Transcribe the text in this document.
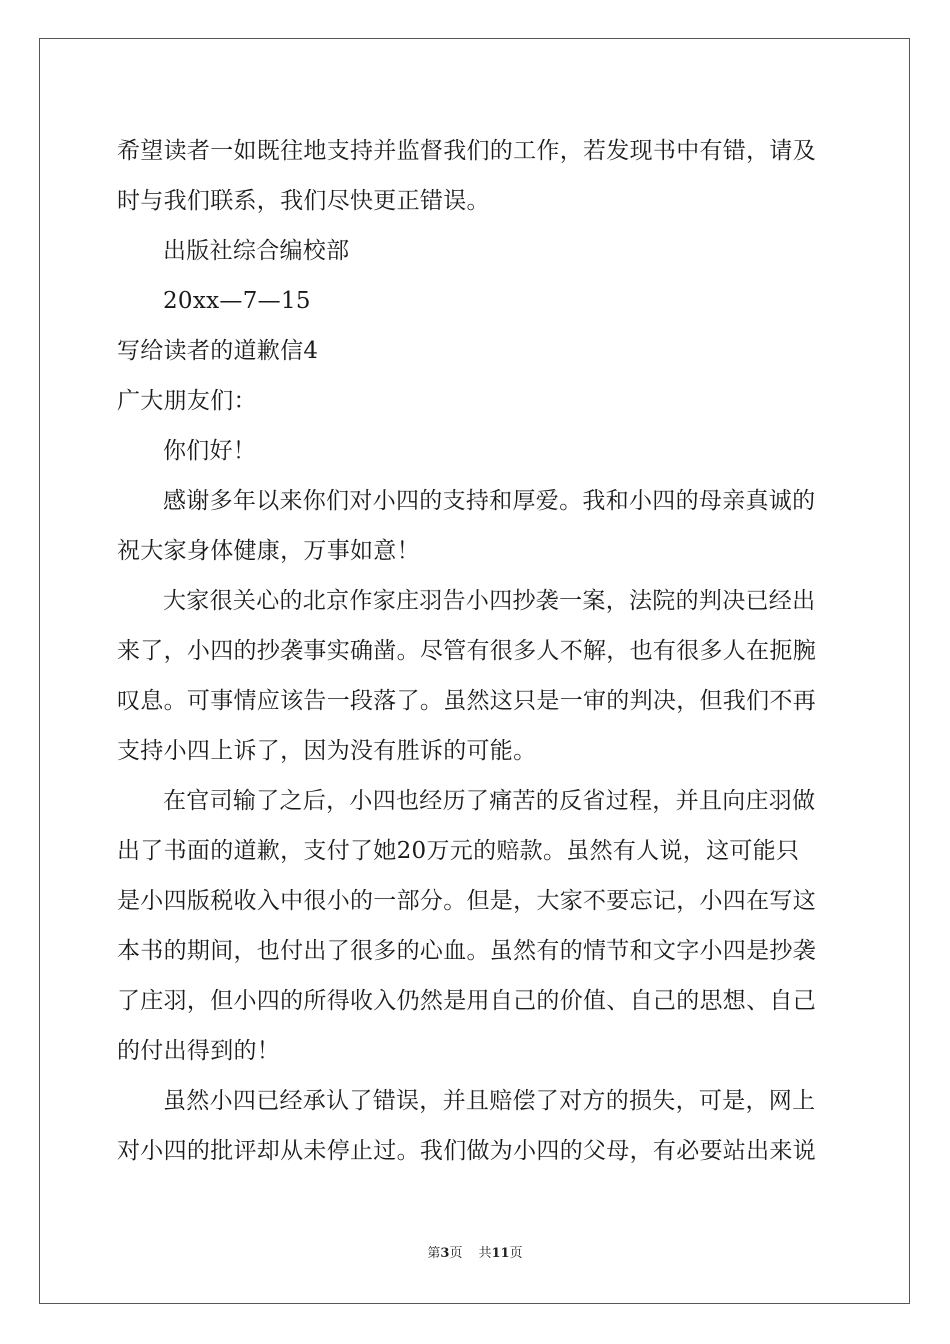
希望读者一如既往地支持并监督我们的工作，若发现书中有错，请及
时与我们联系，我们尽快更正错误。
出版社综合编校部
20xx—7—15
写给读者的道歉信4
广大朋友们：
你们好！
感谢多年以来你们对小四的支持和厚爱。我和小四的母亲真诚的
祝大家身体健康，万事如意！
大家很关心的北京作家庄羽告小四抄袭一案，法院的判决已经出
来了，小四的抄袭事实确凿。尽管有很多人不解，也有很多人在扼腕
叹息。可事情应该告一段落了。虽然这只是一审的判决，但我们不再
支持小四上诉了，因为没有胜诉的可能。
在官司输了之后，小四也经历了痛苦的反省过程，并且向庄羽做
出了书面的道歉，支付了她20万元的赔款。虽然有人说，这可能只
是小四版税收入中很小的一部分。但是，大家不要忘记，小四在写这
本书的期间，也付出了很多的心血。虽然有的情节和文字小四是抄袭
了庄羽，但小四的所得收入仍然是用自己的价值、自己的思想、自己
的付出得到的！
虽然小四已经承认了错误，并且赔偿了对方的损失，可是，网上
对小四的批评却从未停止过。我们做为小四的父母，有必要站出来说
第3页 共11页
